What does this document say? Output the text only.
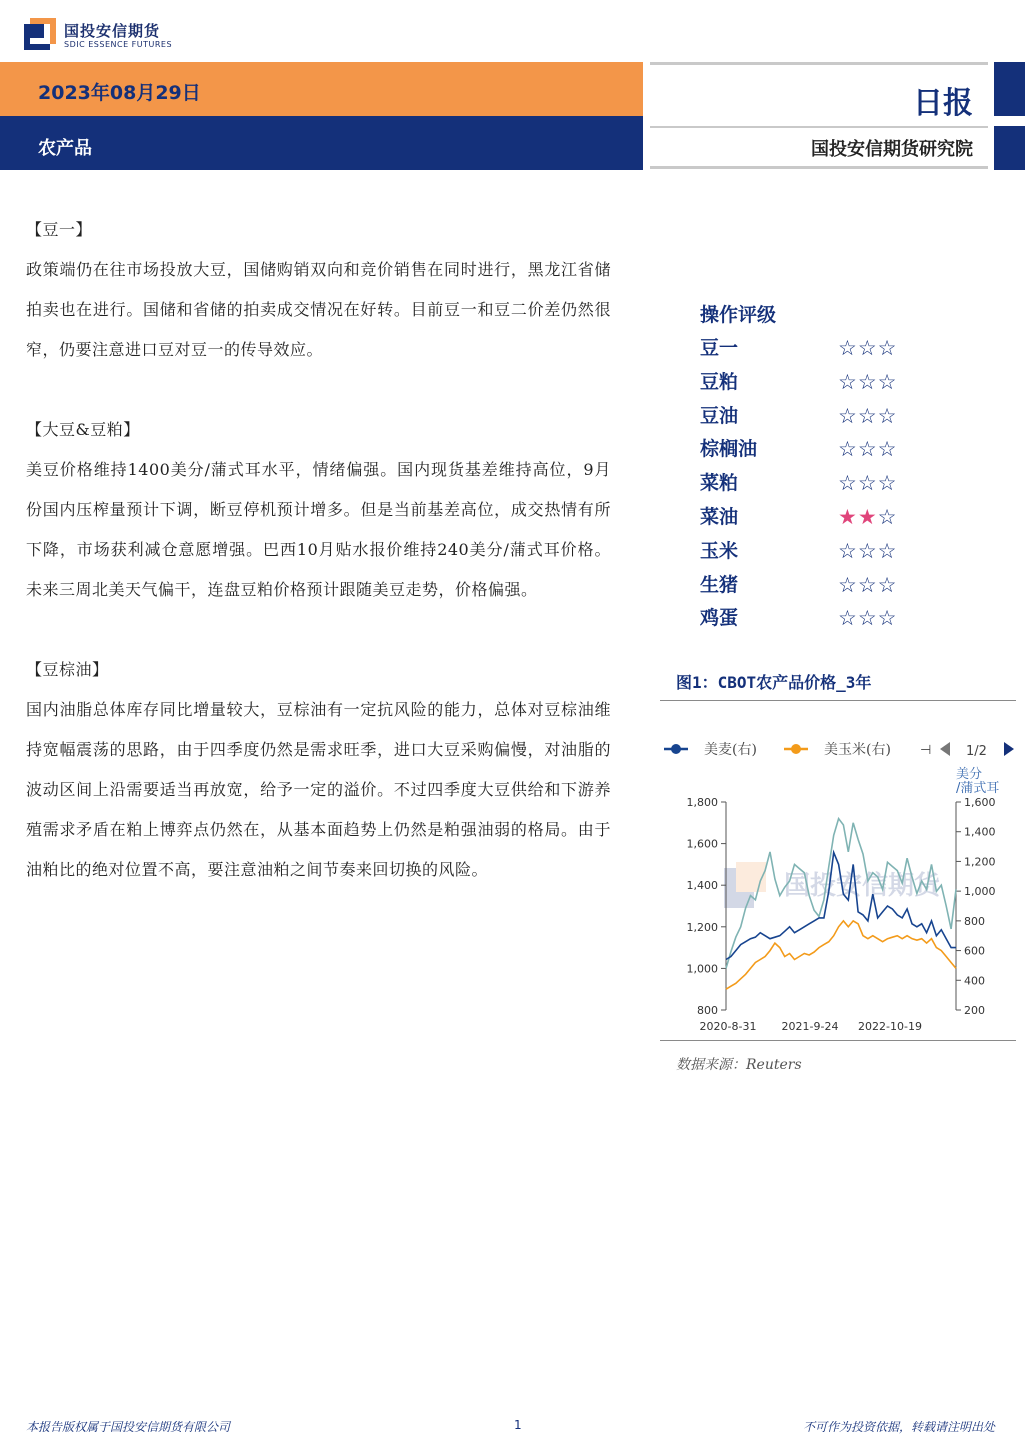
国投安信期货
SDIC ESSENCE FUTURES
2023年08月29日
农产品
日报
国投安信期货研究院

【豆一】

政策端仍在往市场投放大豆，国储购销双向和竞价销售在同时进行，黑龙江省储拍卖也在进行。国储和省储的拍卖成交情况在好转。目前豆一和豆二价差仍然很窄，仍要注意进口豆对豆一的传导效应。

【大豆&豆粕】

美豆价格维持1400美分/蒲式耳水平，情绪偏强。国内现货基差维持高位，9月份国内压榨量预计下调，断豆停机预计增多。但是当前基差高位，成交热情有所下降，市场获利减仓意愿增强。巴西10月贴水报价维持240美分/蒲式耳价格。未来三周北美天气偏干，连盘豆粕价格预计跟随美豆走势，价格偏强。

【豆棕油】

国内油脂总体库存同比增量较大，豆棕油有一定抗风险的能力，总体对豆棕油维持宽幅震荡的思路，由于四季度仍然是需求旺季，进口大豆采购偏慢，对油脂的波动区间上沿需要适当再放宽，给予一定的溢价。不过四季度大豆供给和下游养殖需求矛盾在粕上博弈点仍然在，从基本面趋势上仍然是粕强油弱的格局。由于油粕比的绝对位置不高，要注意油粕之间节奏来回切换的风险。

操作评级
豆一	☆☆☆
豆粕	☆☆☆
豆油	☆☆☆
棕榈油	☆☆☆
菜粕	☆☆☆
菜油	★★☆
玉米	☆☆☆
生猪	☆☆☆
鸡蛋	☆☆☆
图1：CBOT农产品价格_3年
美麦(右)	美玉米(右) ⊣	1/2
美分 /蒲式耳
国投安信期货
1,800
1,600
1,400
1,200
1,000
800
1,600
1,400
1,200
1,000
800
600
400
200
2020-8-31 2021-9-24 2022-10-19
数据来源：Reuters
本报告版权属于国投安信期货有限公司	1	不可作为投资依据，转载请注明出处
